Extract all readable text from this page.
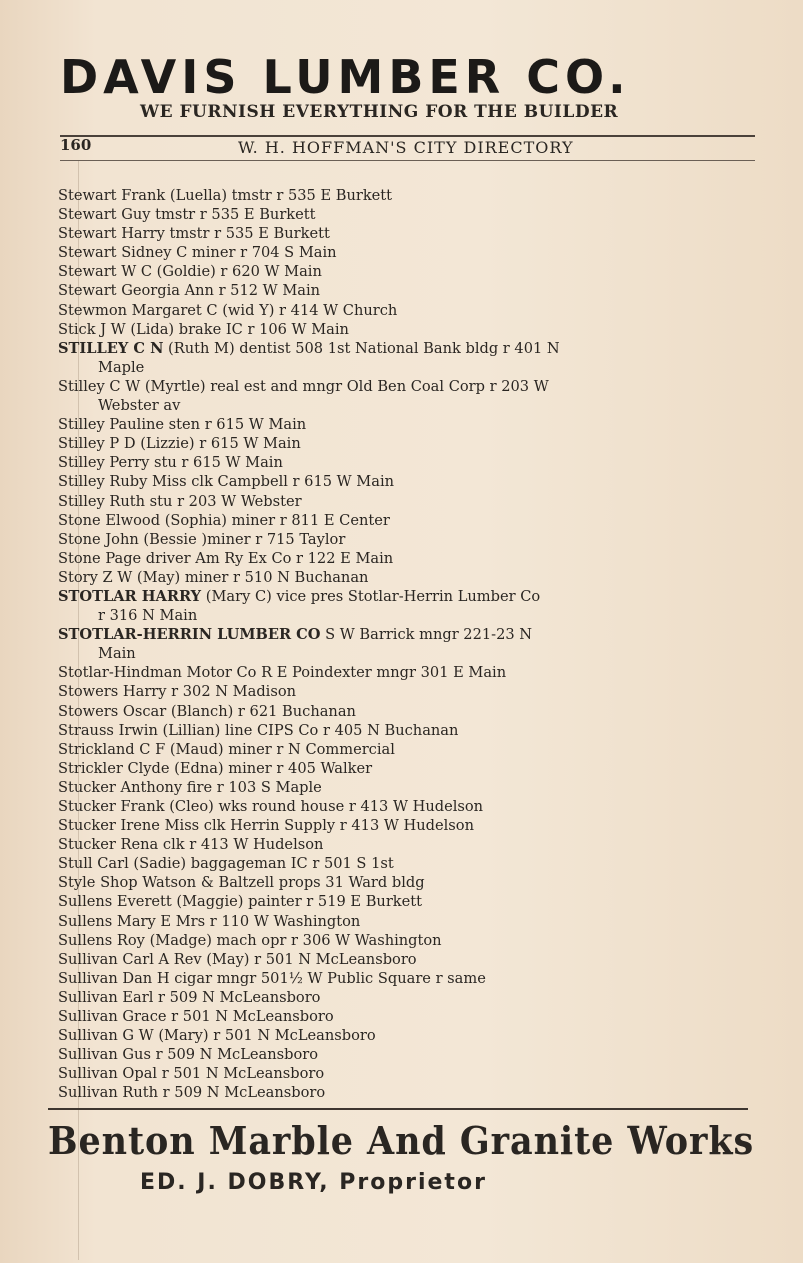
DAVIS LUMBER CO.
WE FURNISH EVERYTHING FOR THE BUILDER
160	W. H. HOFFMAN'S CITY DIRECTORY
Stewart Frank (Luella) tmstr r 535 E Burkett
Stewart Guy tmstr r 535 E Burkett
Stewart Harry tmstr r 535 E Burkett
Stewart Sidney C miner r 704 S Main
Stewart W C (Goldie) r 620 W Main
Stewart Georgia Ann r 512 W Main
Stewmon Margaret C (wid Y) r 414 W Church
Stick J W (Lida) brake IC r 106 W Main
STILLEY C N (Ruth M) dentist 508 1st National Bank bldg r 401 N
Maple
Stilley C W (Myrtle) real est and mngr Old Ben Coal Corp r 203 W
Webster av
Stilley Pauline sten r 615 W Main
Stilley P D (Lizzie) r 615 W Main
Stilley Perry stu r 615 W Main
Stilley Ruby Miss clk Campbell r 615 W Main
Stilley Ruth stu r 203 W Webster
Stone Elwood (Sophia) miner r 811 E Center
Stone John (Bessie )miner r 715 Taylor
Stone Page driver Am Ry Ex Co r 122 E Main
Story Z W (May) miner r 510 N Buchanan
STOTLAR HARRY (Mary C) vice pres Stotlar-Herrin Lumber Co
r 316 N Main
STOTLAR-HERRIN LUMBER CO S W Barrick mngr 221-23 N
Main
Stotlar-Hindman Motor Co R E Poindexter mngr 301 E Main
Stowers Harry r 302 N Madison
Stowers Oscar (Blanch) r 621 Buchanan
Strauss Irwin (Lillian) line CIPS Co r 405 N Buchanan
Strickland C F (Maud) miner r N Commercial
Strickler Clyde (Edna) miner r 405 Walker
Stucker Anthony fire r 103 S Maple
Stucker Frank (Cleo) wks round house r 413 W Hudelson
Stucker Irene Miss clk Herrin Supply r 413 W Hudelson
Stucker Rena clk r 413 W Hudelson
Stull Carl (Sadie) baggageman IC r 501 S 1st
Style Shop Watson & Baltzell props 31 Ward bldg
Sullens Everett (Maggie) painter r 519 E Burkett
Sullens Mary E Mrs r 110 W Washington
Sullens Roy (Madge) mach opr r 306 W Washington
Sullivan Carl A Rev (May) r 501 N McLeansboro
Sullivan Dan H cigar mngr 501½ W Public Square r same
Sullivan Earl r 509 N McLeansboro
Sullivan Grace r 501 N McLeansboro
Sullivan G W (Mary) r 501 N McLeansboro
Sullivan Gus r 509 N McLeansboro
Sullivan Opal r 501 N McLeansboro
Sullivan Ruth r 509 N McLeansboro
Benton Marble And Granite Works
ED. J. DOBRY, Proprietor
